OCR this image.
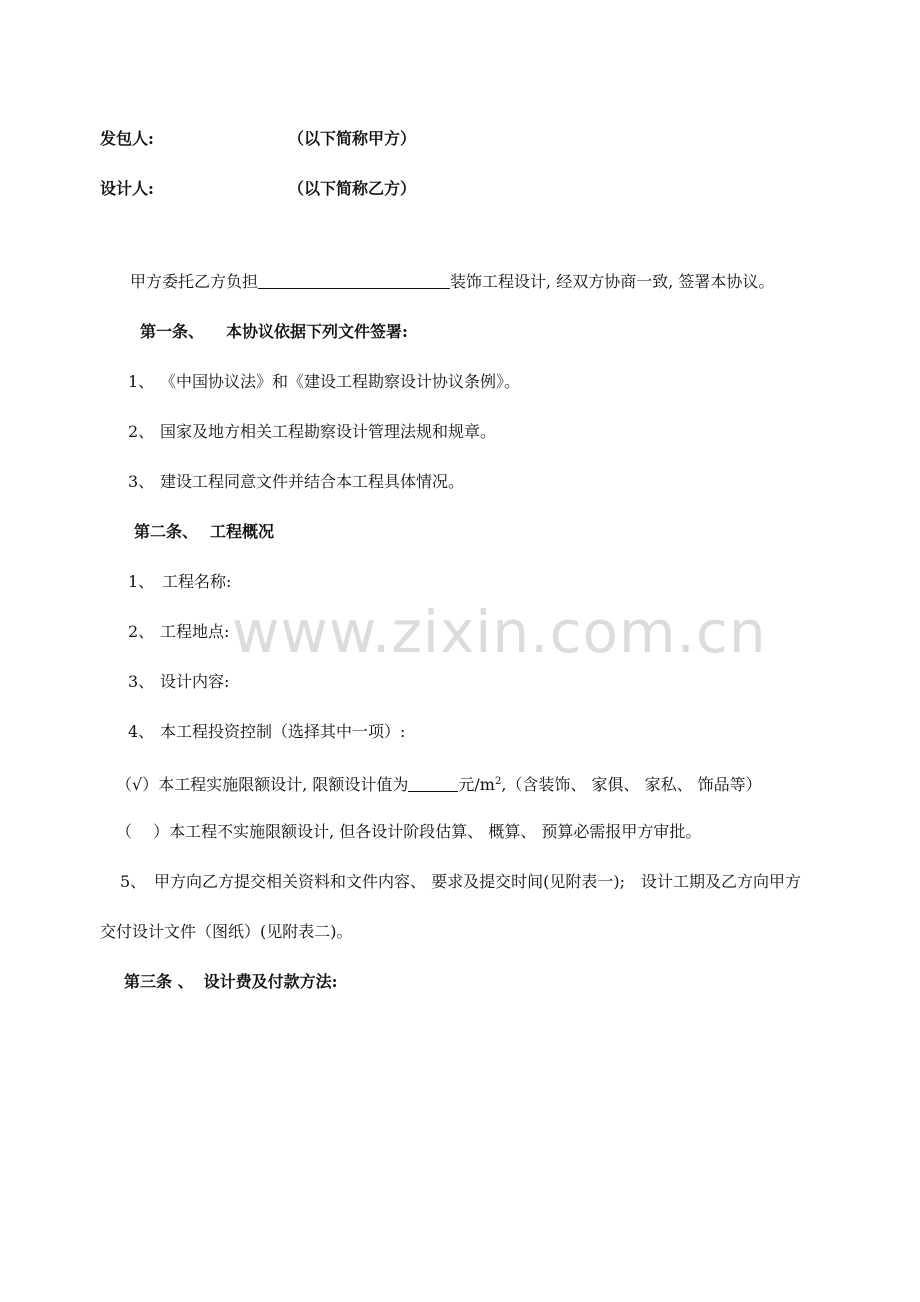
发包人:	（以下简称甲方）
设计人:	（以下简称乙方）
甲方委托乙方负担	装饰工程设计, 经双方协商一致, 签署本协议。
第一条、 本协议依据下列文件签署:
1、 《中国协议法》和《建设工程勘察设计协议条例》。
2、 国家及地方相关工程勘察设计管理法规和规章。
3、 建设工程同意文件并结合本工程具体情况。
第二条、 工程概况
1、 工程名称:
2、 工程地点:
3、 设计内容:
4、 本工程投资控制（选择其中一项）:
（√）本工程实施限额设计, 限额设计值为	元$/m^2$,（含装饰、 家俱、 家私、 饰品等）
（　 ）本工程不实施限额设计, 但各设计阶段估算、 概算、 预算必需报甲方审批。
5、 甲方向乙方提交相关资料和文件内容、 要求及提交时间(见附表一);　设计工期及乙方向甲方
交付设计文件（图纸）(见附表二)。
第三条 、 设计费及付款方法:
www.zixin.com.cn
